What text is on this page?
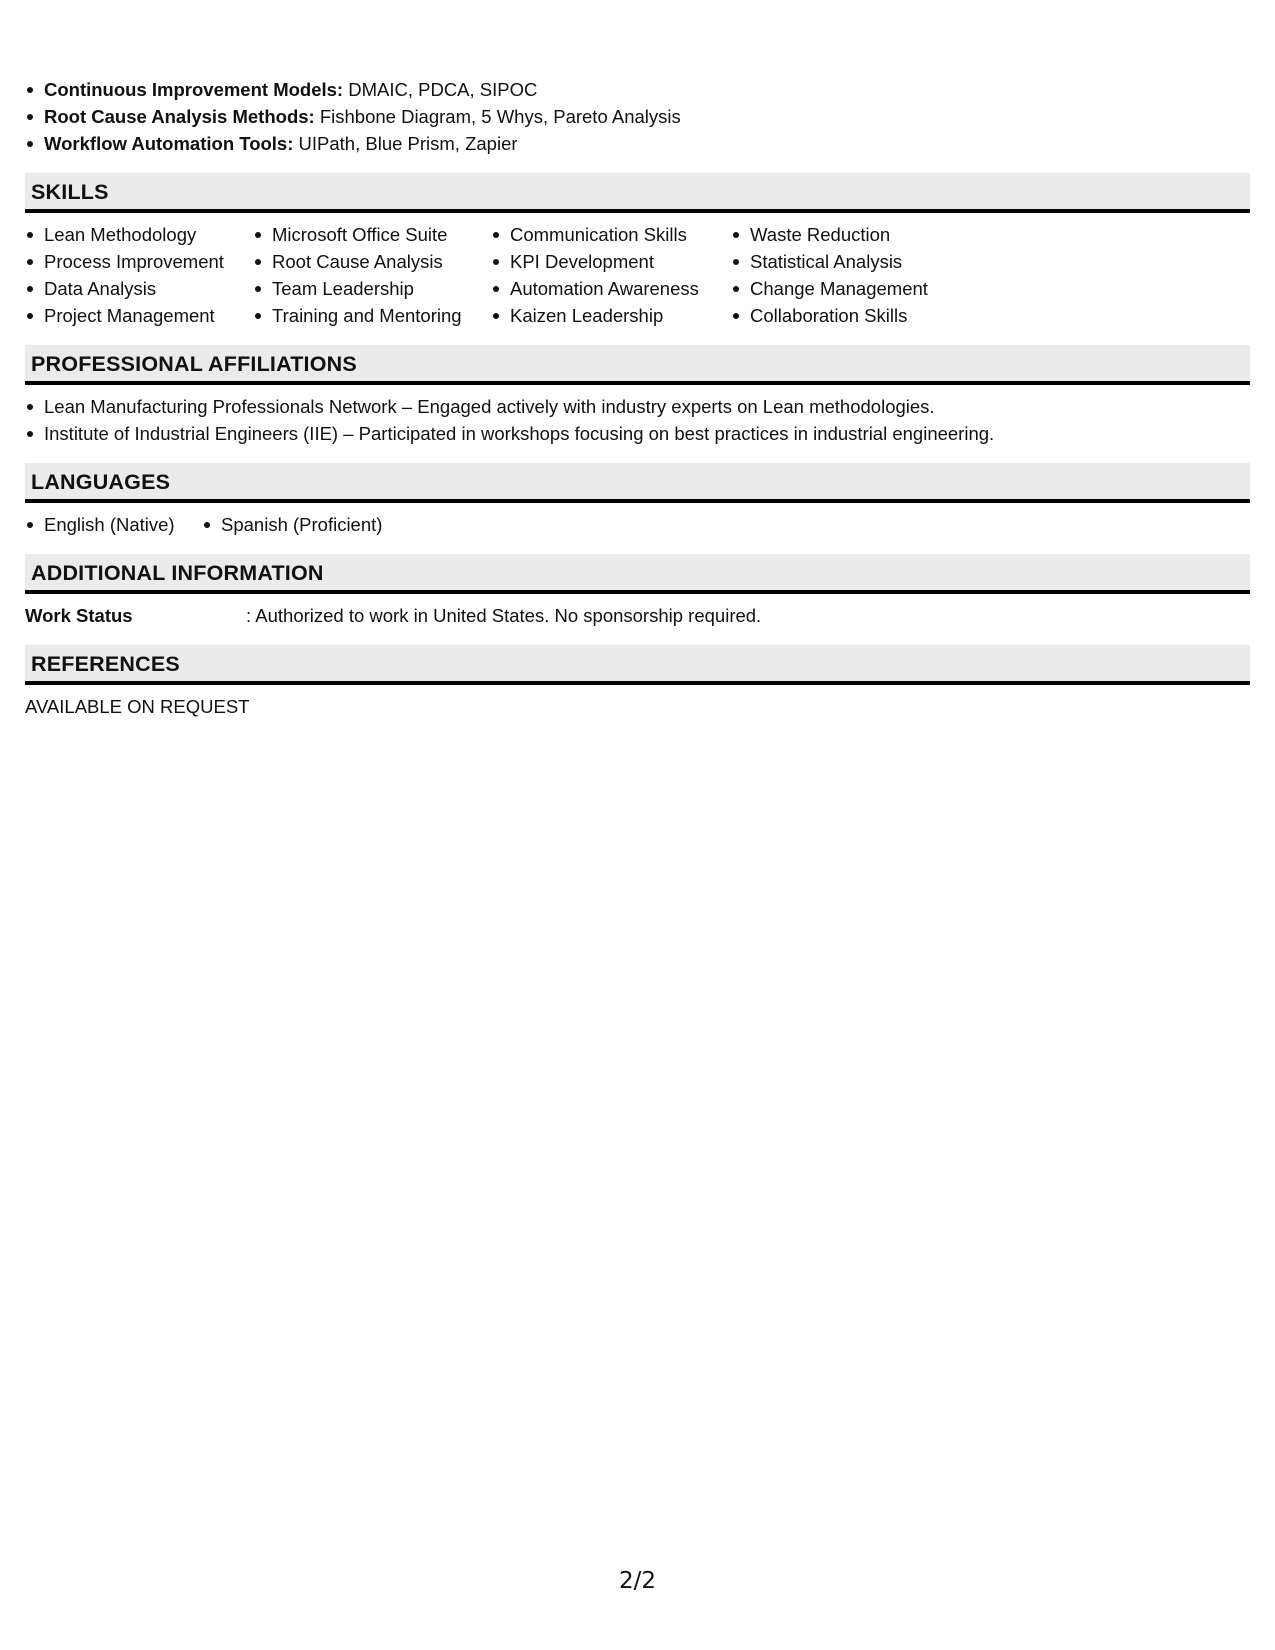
Continuous Improvement Models: DMAIC, PDCA, SIPOC
Root Cause Analysis Methods: Fishbone Diagram, 5 Whys, Pareto Analysis
Workflow Automation Tools: UIPath, Blue Prism, Zapier
SKILLS
Lean Methodology
Process Improvement
Data Analysis
Project Management
Microsoft Office Suite
Root Cause Analysis
Team Leadership
Training and Mentoring
Communication Skills
KPI Development
Automation Awareness
Kaizen Leadership
Waste Reduction
Statistical Analysis
Change Management
Collaboration Skills
PROFESSIONAL AFFILIATIONS
Lean Manufacturing Professionals Network – Engaged actively with industry experts on Lean methodologies.
Institute of Industrial Engineers (IIE) – Participated in workshops focusing on best practices in industrial engineering.
LANGUAGES
English (Native)	Spanish (Proficient)
ADDITIONAL INFORMATION
Work Status	: Authorized to work in United States. No sponsorship required.
REFERENCES
AVAILABLE ON REQUEST
2/2
